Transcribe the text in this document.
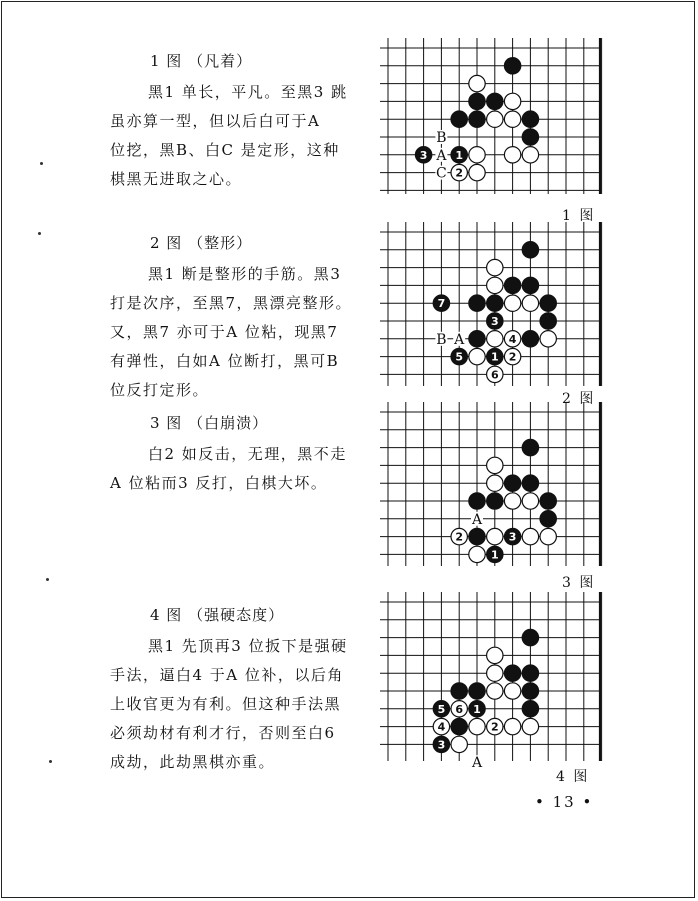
1 图 （凡着）

黑1 单长，平凡。至黑3 跳
虽亦算一型，但以后白可于A
位挖，黑B、白C 是定形，这种
棋黑无进取之心。

2 图 （整形）

黑1 断是整形的手筋。黑3
打是次序，至黑7，黑漂亮整形。
又，黑7 亦可于A 位粘，现黑7
有弹性，白如A 位断打，黑可B
位反打定形。

3 图 （白崩溃）

白2 如反击，无理，黑不走
A 位粘而3 反打，白棋大坏。

4 图 （强硬态度）

黑1 先顶再3 位扳下是强硬
手法，逼白4 于A 位补，以后角
上收官更为有利。但这种手法黑
必须劫材有利才行，否则至白6
成劫，此劫黑棋亦重。

B
A
C
3	1
2
1 图
B A
7
3
4
5	1 2
6
2 图
A
2	3
1
3 图
A
5 6 1
4	2
3
4 图
• 13 •
